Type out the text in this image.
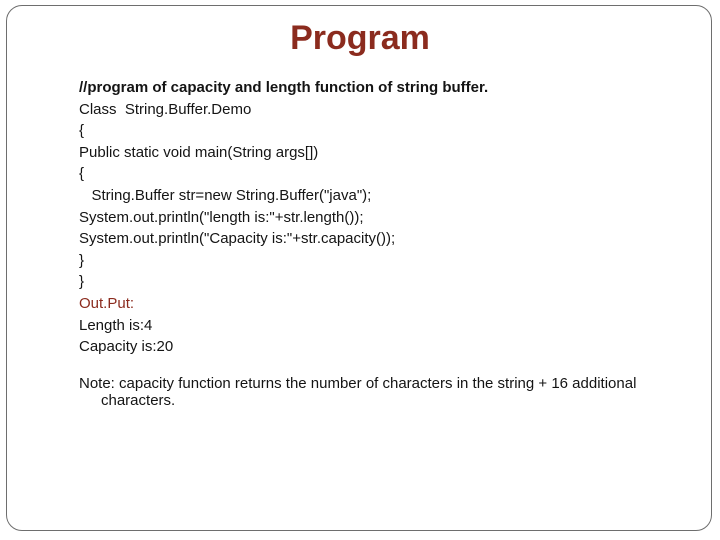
Program
//program of capacity and length function of string buffer.
Class  String.Buffer.Demo
{
Public static void main(String args[])
{
String.Buffer str=new String.Buffer("java");
System.out.println("length is:"+str.length());
System.out.println("Capacity is:"+str.capacity());
}
}
Out.Put:
Length is:4
Capacity is:20
Note: capacity function returns the number of characters in the string + 16 additional
characters.
